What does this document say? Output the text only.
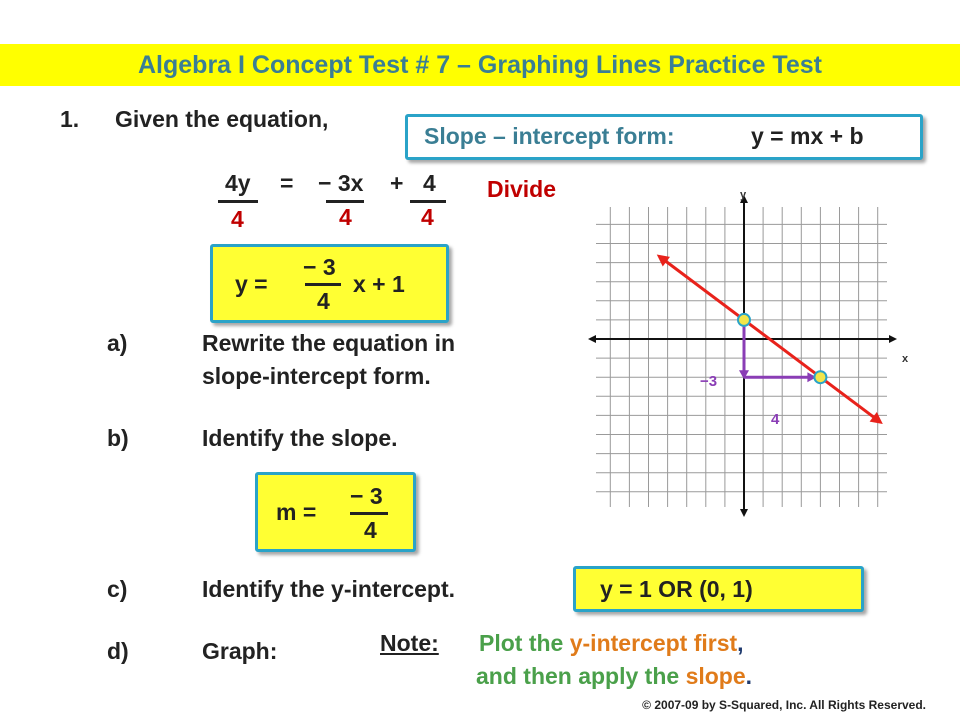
Algebra I Concept Test # 7 – Graphing Lines Practice Test
1. Given the equation,
Slope – intercept form:	y = mx + b
4y = − 3x + 4
4	4	4
Divide
y =
− 3
4
x + 1
a)	Rewrite the equation in
slope-intercept form.
b)	Identify the slope.
m =
− 3
4
c)	Identify the y-intercept.	y = 1 OR (0, 1)
d)	Graph:	Note: Plot the y-intercept first,
and then apply the slope.
x
y
−3
4
© 2007-09 by S-Squared, Inc. All Rights Reserved.
